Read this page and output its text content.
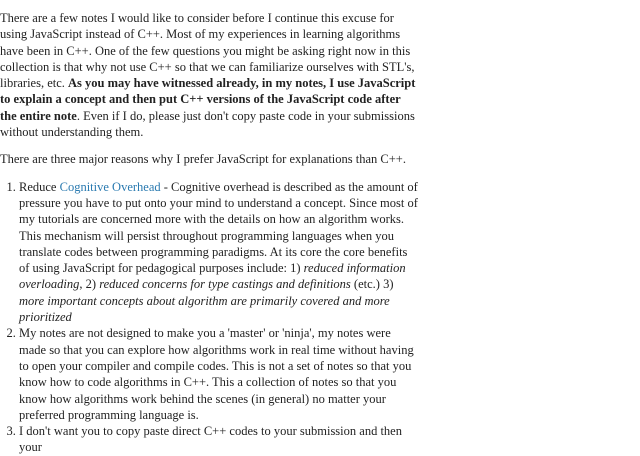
There are a few notes I would like to consider before I continue this excuse for using JavaScript instead of C++. Most of my experiences in learning algorithms have been in C++. One of the few questions you might be asking right now in this collection is that why not use C++ so that we can familiarize ourselves with STL's, libraries, etc. As you may have witnessed already, in my notes, I use JavaScript to explain a concept and then put C++ versions of the JavaScript code after the entire note. Even if I do, please just don't copy paste code in your submissions without understanding them.

There are three major reasons why I prefer JavaScript for explanations than C++.

1. Reduce Cognitive Overhead - Cognitive overhead is described as the amount of pressure you have to put onto your mind to understand a concept. Since most of my tutorials are concerned more with the details on how an algorithm works. This mechanism will persist throughout programming languages when you translate codes between programming paradigms. At its core the core benefits of using JavaScript for pedagogical purposes include: 1) reduced information overloading, 2) reduced concerns for type castings and definitions (etc.) 3) more important concepts about algorithm are primarily covered and more prioritized
2. My notes are not designed to make you a 'master' or 'ninja', my notes were made so that you can explore how algorithms work in real time without having to open your compiler and compile codes. This is not a set of notes so that you know how to code algorithms in C++. This a collection of notes so that you know how algorithms work behind the scenes (in general) no matter your preferred programming language is.
3. I don't want you to copy paste direct C++ codes to your submission and then your
